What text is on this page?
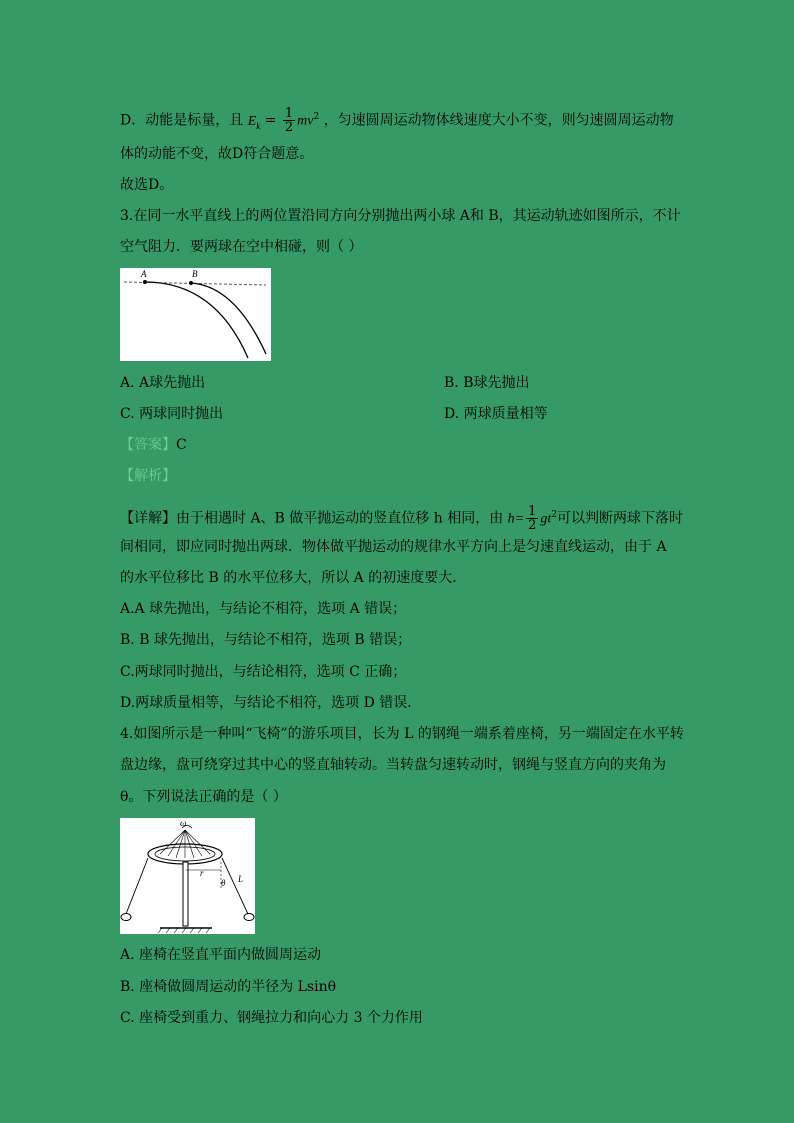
D．动能是标量，且 $E_k = \frac{1}{2} mv^2$ ，匀速圆周运动物体线速度大小不变，则匀速圆周运动物
体的动能不变，故D符合题意。
故选D。
3.在同一水平直线上的两位置沿同方向分别抛出两小球 A和 B，其运动轨迹如图所示，不计
空气阻力．要两球在空中相碰，则（ ）
A	B
A. A球先抛出	B. B球先抛出
C. 两球同时抛出	D. 两球质量相等
【答案】C
【解析】
【详解】由于相遇时 A、B 做平抛运动的竖直位移 h 相同，由 $h= \frac{1}{2} gt^2$可以判断两球下落时
间相同，即应同时抛出两球．物体做平抛运动的规律水平方向上是匀速直线运动，由于 A
的水平位移比 B 的水平位移大，所以 A 的初速度要大．
A.A 球先抛出，与结论不相符，选项 A 错误；
B. B 球先抛出，与结论不相符，选项 B 错误；
C.两球同时抛出，与结论相符，选项 C 正确；
D.两球质量相等，与结论不相符，选项 D 错误．
4.如图所示是一种叫“飞椅”的游乐项目，长为 L 的钢绳一端系着座椅，另一端固定在水平转
盘边缘，盘可绕穿过其中心的竖直轴转动。当转盘匀速转动时，钢绳与竖直方向的夹角为
θ。下列说法正确的是（ ）
ω
r
θ L
A. 座椅在竖直平面内做圆周运动
B. 座椅做圆周运动的半径为 Lsinθ
C. 座椅受到重力、钢绳拉力和向心力 3 个力作用
